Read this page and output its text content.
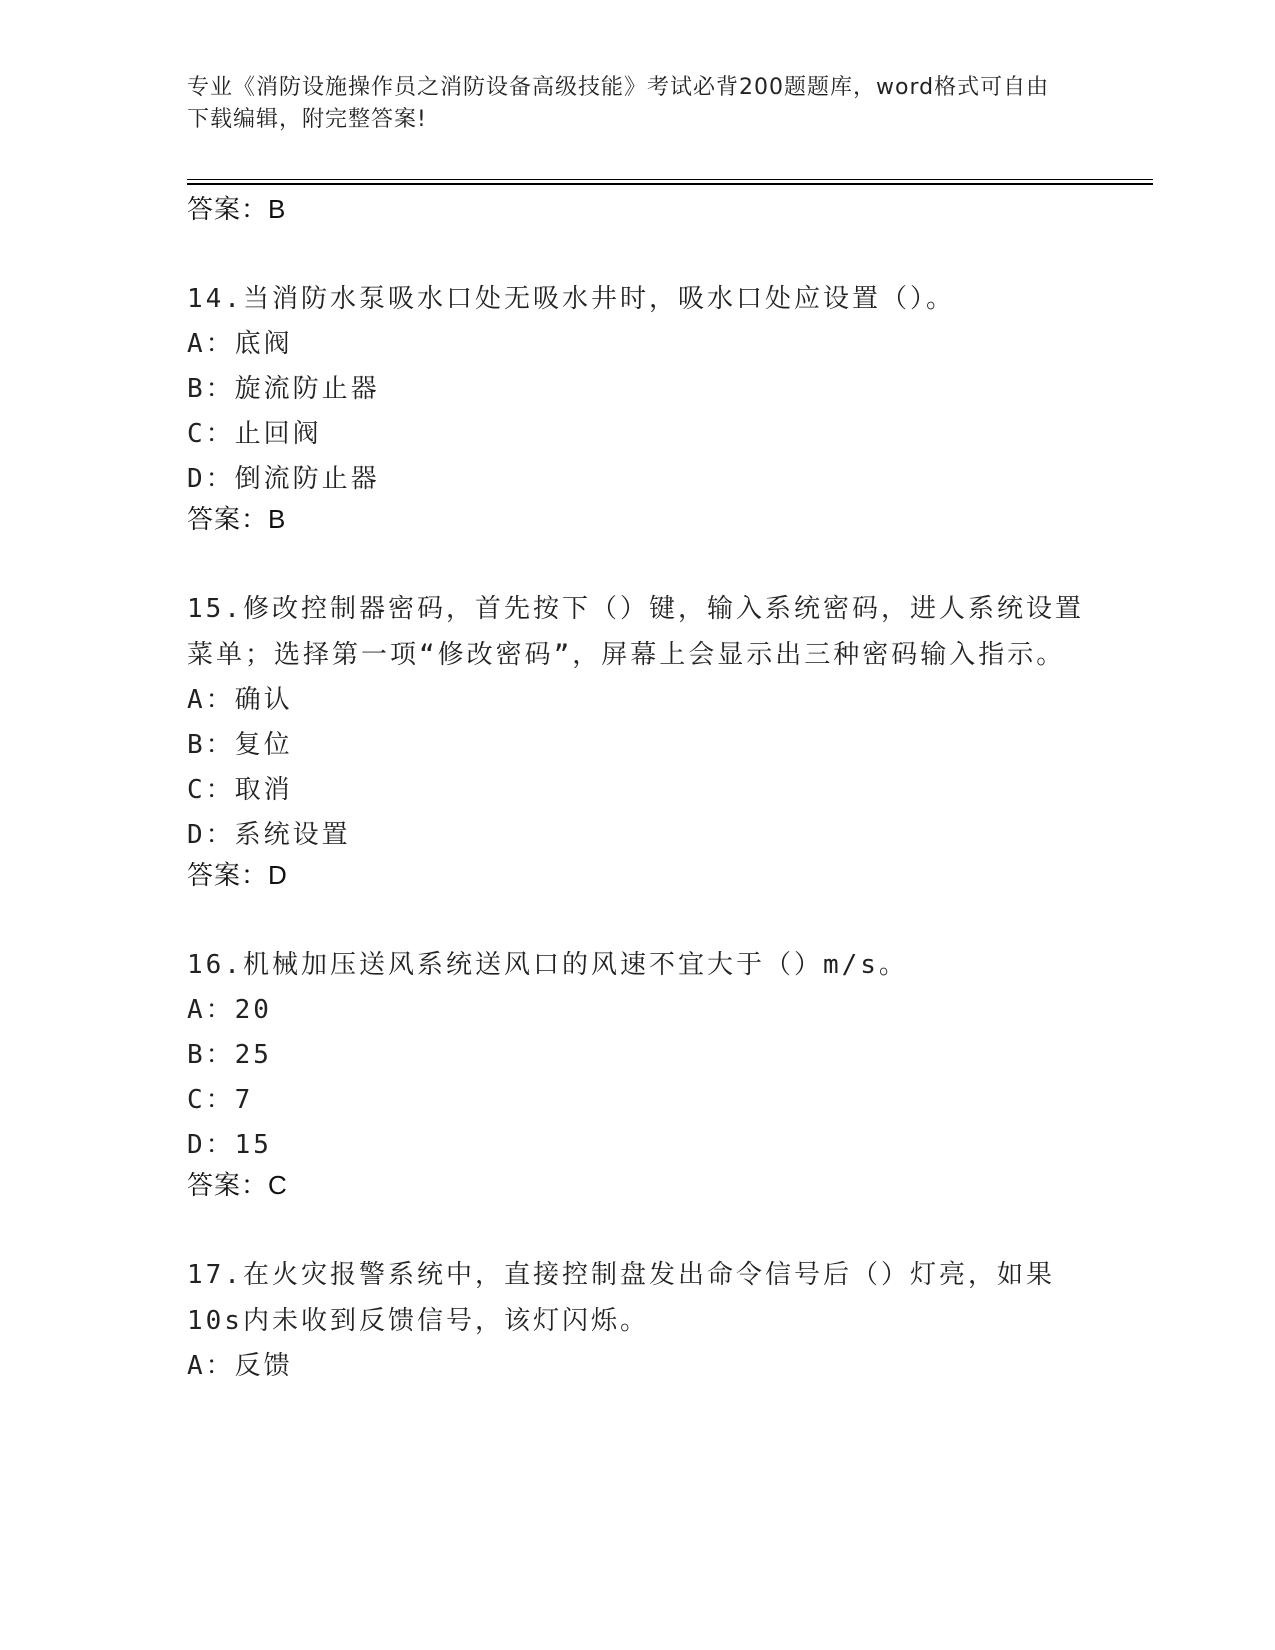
专业《消防设施操作员之消防设备高级技能》考试必背200题题库，word格式可自由下载编辑，附完整答案!
答案：B
14.当消防水泵吸水口处无吸水井时，吸水口处应设置（）。
A：底阀
B：旋流防止器
C：止回阀
D：倒流防止器
答案：B
15.修改控制器密码，首先按下（）键，输入系统密码，进人系统设置菜单；选择第一项“修改密码”，屏幕上会显示出三种密码输入指示。
A：确认
B：复位
C：取消
D：系统设置
答案：D
16.机械加压送风系统送风口的风速不宜大于（）m/s。
A：20
B：25
C：7
D：15
答案：C
17.在火灾报警系统中，直接控制盘发出命令信号后（）灯亮，如果10s内未收到反馈信号，该灯闪烁。
A：反馈
